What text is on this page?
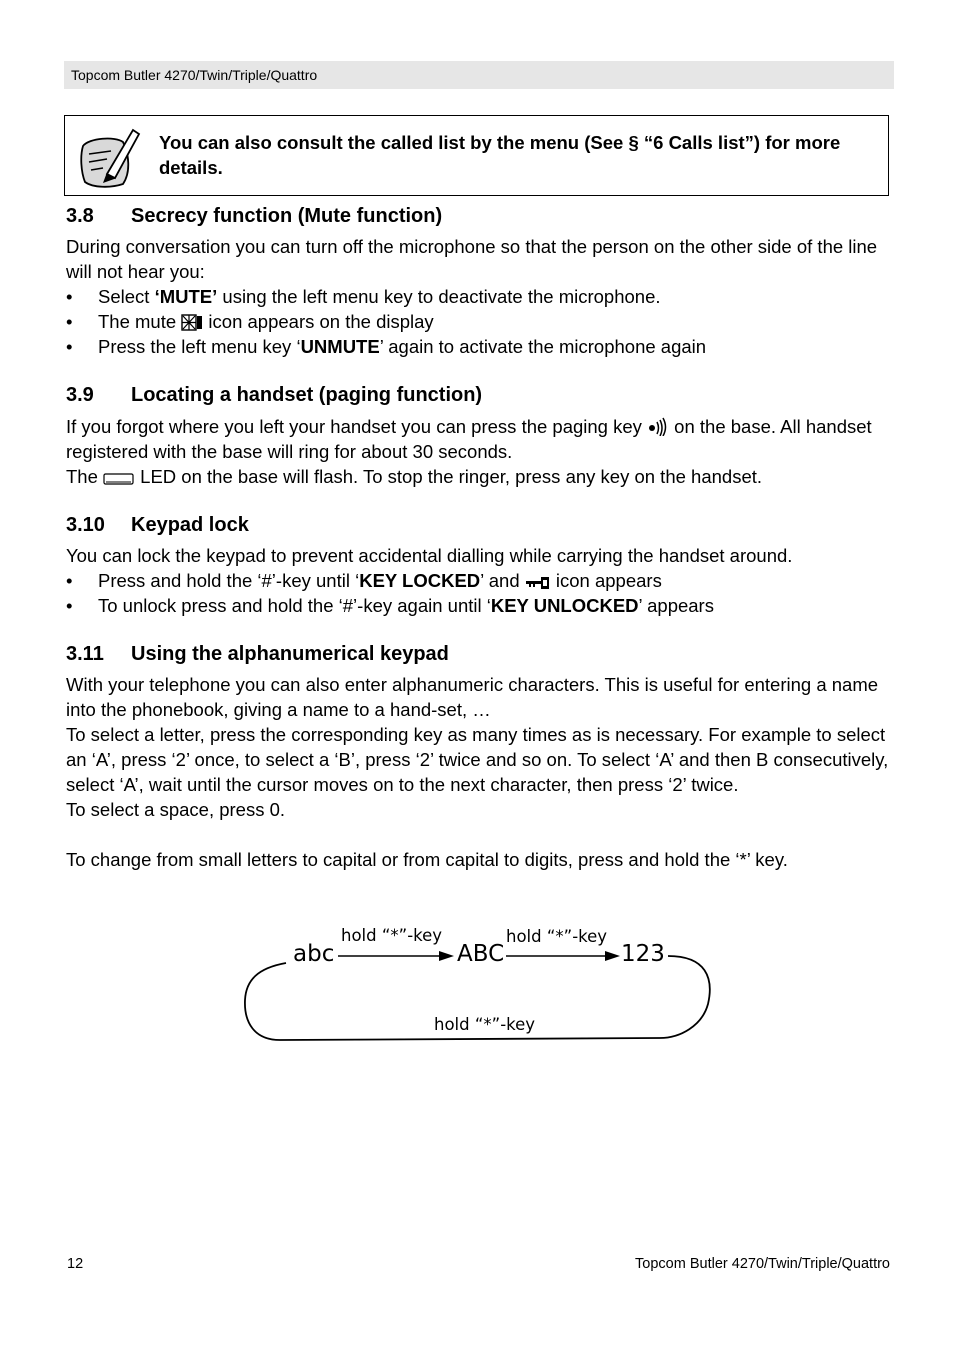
Topcom Butler 4270/Twin/Triple/Quattro
You can also consult the called list by the menu (See § “6 Calls list”) for more details.
3.8 Secrecy function (Mute function)

During conversation you can turn off the microphone so that the person on the other side of the line will not hear you:

• Select ‘MUTE’ using the left menu key to deactivate the microphone.
• The mute  icon appears on the display
• Press the left menu key ‘UNMUTE’ again to activate the microphone again
3.9 Locating a handset (paging function)

If you forgot where you left your handset you can press the paging key  on the base. All handset registered with the base will ring for about 30 seconds.

The  LED on the base will flash. To stop the ringer, press any key on the handset.

3.10 Keypad lock

You can lock the keypad to prevent accidental dialling while carrying the handset around.

• Press and hold the ‘#’-key until ‘KEY LOCKED’ and  icon appears
• To unlock press and hold the ‘#’-key again until ‘KEY UNLOCKED’ appears
3.11 Using the alphanumerical keypad

With your telephone you can also enter alphanumeric characters. This is useful for entering a name into the phonebook, giving a name to a hand-set, …

To select a letter, press the corresponding key as many times as is necessary. For example to select an ‘A’, press ‘2’ once, to select a ‘B’, press ‘2’ twice and so on. To select ‘A’ and then B consecutively, select ‘A’, wait until the cursor moves on to the next character, then press ‘2’ twice.

To select a space, press 0.

To change from small letters to capital or from capital to digits, press and hold the ‘*’ key.

abc	ABC	123
hold “*”-key	hold “*”-key
hold “*”-key
12	Topcom Butler 4270/Twin/Triple/Quattro
